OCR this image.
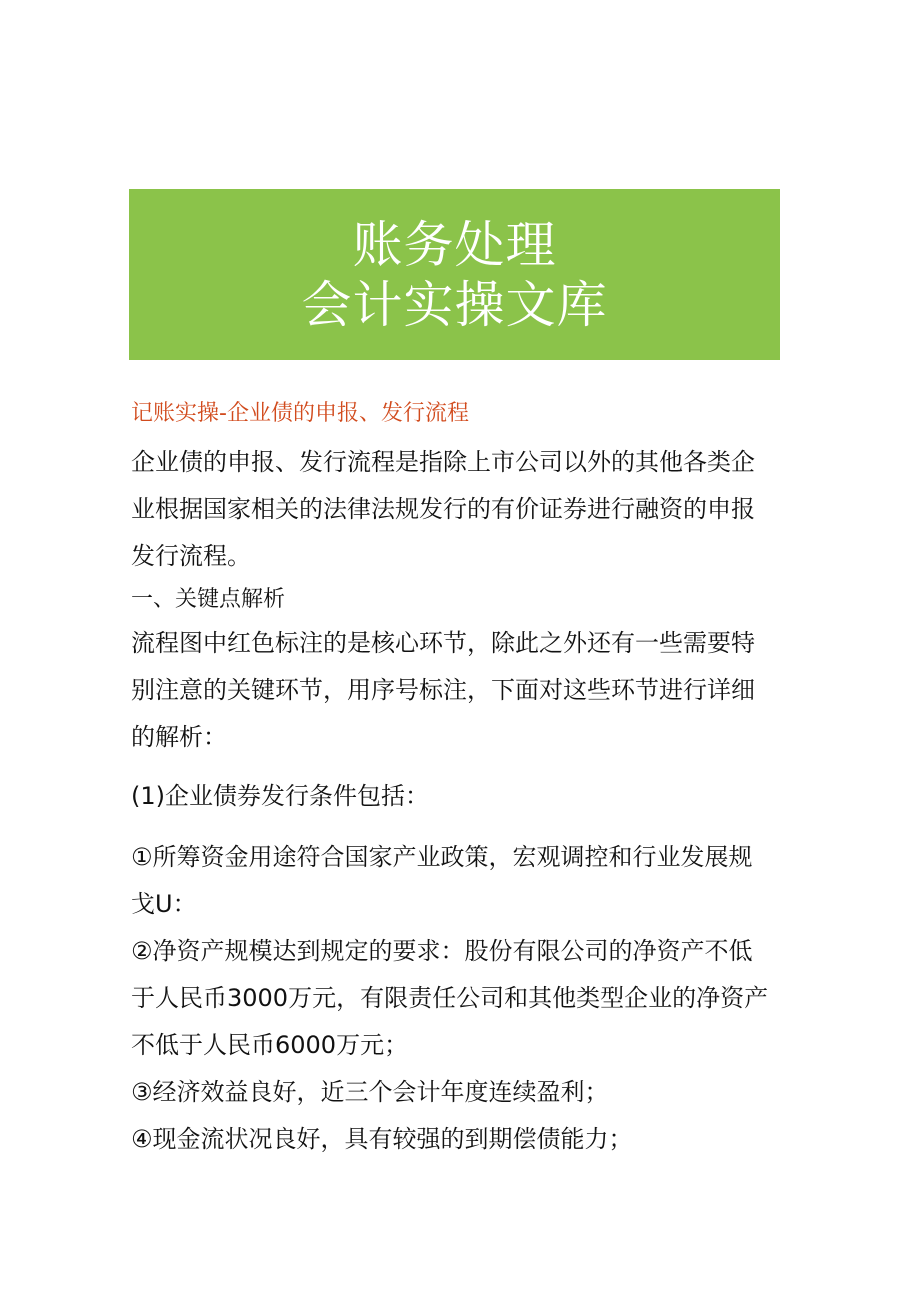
账务处理
会计实操文库
记账实操-企业债的申报、发行流程

企业债的申报、发行流程是指除上市公司以外的其他各类企
业根据国家相关的法律法规发行的有价证券进行融资的申报
发行流程。

一、关键点解析

流程图中红色标注的是核心环节，除此之外还有一些需要特
别注意的关键环节，用序号标注，下面对这些环节进行详细
的解析：

(1)企业债券发行条件包括：

①所筹资金用途符合国家产业政策，宏观调控和行业发展规
戈U：

②净资产规模达到规定的要求：股份有限公司的净资产不低
于人民币3000万元，有限责任公司和其他类型企业的净资产
不低于人民币6000万元；

③经济效益良好，近三个会计年度连续盈利；

④现金流状况良好，具有较强的到期偿债能力；
